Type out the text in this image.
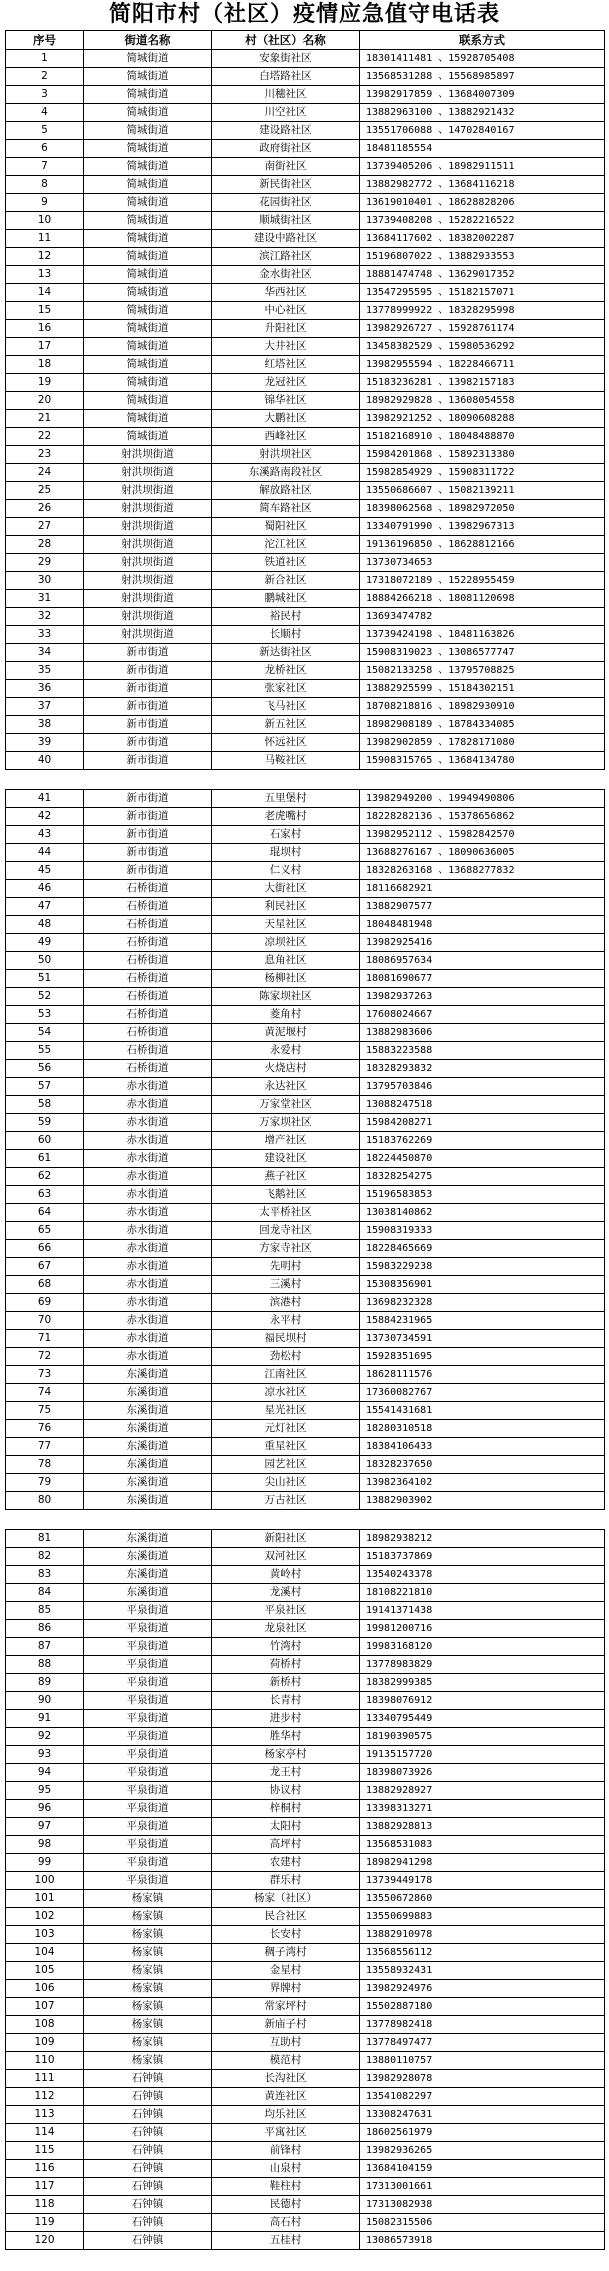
简阳市村（社区）疫情应急值守电话表
序号	街道名称	村（社区）名称	联系方式
1	简城街道	安象街社区	18301411481 、15928705408
2	简城街道	白塔路社区	13568531288 、15568985897
3	简城街道	川穗社区	13982917859 、13684007309
4	简城街道	川空社区	13882963100 、13882921432
5	简城街道	建设路社区	13551706088 、14702840167
6	简城街道	政府街社区	18481185554
7	简城街道	南街社区	13739405206 、18982911511
8	简城街道	新民街社区	13882982772 、13684116218
9	简城街道	花园街社区	13619010401 、18628828206
10	简城街道	顺城街社区	13739408208 、15282216522
11	简城街道	建设中路社区	13684117602 、18382002287
12	简城街道	滨江路社区	15196807022 、13882933553
13	简城街道	金水街社区	18881474748 、13629017352
14	简城街道	华西社区	13547295595 、15182157071
15	简城街道	中心社区	13778999922 、18328295998
16	简城街道	升阳社区	13982926727 、15928761174
17	简城街道	大井社区	13458382529 、15980536292
18	简城街道	红塔社区	13982955594 、18228466711
19	简城街道	龙冠社区	15183236281 、13982157183
20	简城街道	锦华社区	18982929828 、13608054558
21	简城街道	大鹏社区	13982921252 、18090608288
22	简城街道	西峰社区	15182168910 、18048488870
23	射洪坝街道	射洪坝社区	15984201868 、15892313380
24	射洪坝街道	东溪路南段社区	15982854929 、15908311722
25	射洪坝街道	解放路社区	13550686607 、15082139211
26	射洪坝街道	简车路社区	18398062568 、18982972050
27	射洪坝街道	蜀阳社区	13340791990 、13982967313
28	射洪坝街道	沱江社区	19136196850 、18628812166
29	射洪坝街道	铁道社区	13730734653
30	射洪坝街道	新合社区	17318072189 、15228955459
31	射洪坝街道	鹏城社区	18884266218 、18081120698
32	射洪坝街道	裕民村	13693474782
33	射洪坝街道	长顺村	13739424198 、18481163826
34	新市街道	新达街社区	15908319023 、13086577747
35	新市街道	龙桥社区	15082133258 、13795708825
36	新市街道	张家社区	13882925599 、15184302151
37	新市街道	飞马社区	18708218816 、18982930910
38	新市街道	新五社区	18982908189 、18784334085
39	新市街道	怀远社区	13982902859 、17828171080
40	新市街道	马鞍社区	15908315765 、13684134780
41	新市街道	五里堡村	13982949200 、19949490806
42	新市街道	老虎嘴村	18228282136 、15378656862
43	新市街道	石家村	13982952112 、15982842570
44	新市街道	琨坝村	13688276167 、18090636005
45	新市街道	仁义村	18328263168 、13688277832
46	石桥街道	大街社区	18116682921
47	石桥街道	利民社区	13882907577
48	石桥街道	天星社区	18048481948
49	石桥街道	凉坝社区	13982925416
50	石桥街道	息角社区	18086957634
51	石桥街道	杨柳社区	18081690677
52	石桥街道	陈家坝社区	13982937263
53	石桥街道	菱角村	17608024667
54	石桥街道	黄泥堰村	13882983606
55	石桥街道	永爱村	15883223588
56	石桥街道	火烧店村	18328293832
57	赤水街道	永达社区	13795703846
58	赤水街道	万家堂社区	13088247518
59	赤水街道	万家坝社区	15984208271
60	赤水街道	增产社区	15183762269
61	赤水街道	建设社区	18224450870
62	赤水街道	燕子社区	18328254275
63	赤水街道	飞鹅社区	15196583853
64	赤水街道	太平桥社区	13038140862
65	赤水街道	回龙寺社区	15908319333
66	赤水街道	方家寺社区	18228465669
67	赤水街道	先明村	15983229238
68	赤水街道	三溪村	15308356901
69	赤水街道	滨港村	13698232328
70	赤水街道	永平村	15884231965
71	赤水街道	福民坝村	13730734591
72	赤水街道	劲松村	15928351695
73	东溪街道	江南社区	18628111576
74	东溪街道	凉水社区	17360082767
75	东溪街道	星光社区	15541431681
76	东溪街道	元灯社区	18280310518
77	东溪街道	重星社区	18384106433
78	东溪街道	园艺社区	18328237650
79	东溪街道	尖山社区	13982364102
80	东溪街道	万古社区	13882903902
81	东溪街道	新阳社区	18982938212
82	东溪街道	双河社区	15183737869
83	东溪街道	黄岭村	13540243378
84	东溪街道	龙溪村	18108221810
85	平泉街道	平泉社区	19141371438
86	平泉街道	龙泉社区	19981200716
87	平泉街道	竹湾村	19983168120
88	平泉街道	荷桥村	13778983829
89	平泉街道	新桥村	18382999385
90	平泉街道	长青村	18398076912
91	平泉街道	进步村	13340795449
92	平泉街道	胜华村	18190390575
93	平泉街道	杨家亭村	19135157720
94	平泉街道	龙王村	18398073926
95	平泉街道	协议村	13882928927
96	平泉街道	梓桐村	13398313271
97	平泉街道	太阳村	13882928813
98	平泉街道	高坪村	13568531083
99	平泉街道	农建村	18982941298
100	平泉街道	群乐村	13739449178
101	杨家镇	杨家（社区）	13550672860
102	杨家镇	民合社区	13550699883
103	杨家镇	长安村	13882910978
104	杨家镇	稠子湾村	13568556112
105	杨家镇	金星村	13558932431
106	杨家镇	界牌村	13982924976
107	杨家镇	常家坪村	15502887180
108	杨家镇	新庙子村	13778982418
109	杨家镇	互助村	13778497477
110	杨家镇	模范村	13880110757
111	石钟镇	长沟社区	13982928078
112	石钟镇	黄连社区	13541082297
113	石钟镇	均乐社区	13308247631
114	石钟镇	平寓社区	18602561979
115	石钟镇	前锋村	13982936265
116	石钟镇	山泉村	13684104159
117	石钟镇	鞋柱村	17313001661
118	石钟镇	民德村	17313082938
119	石钟镇	高石村	15082315506
120	石钟镇	五桂村	13086573918
